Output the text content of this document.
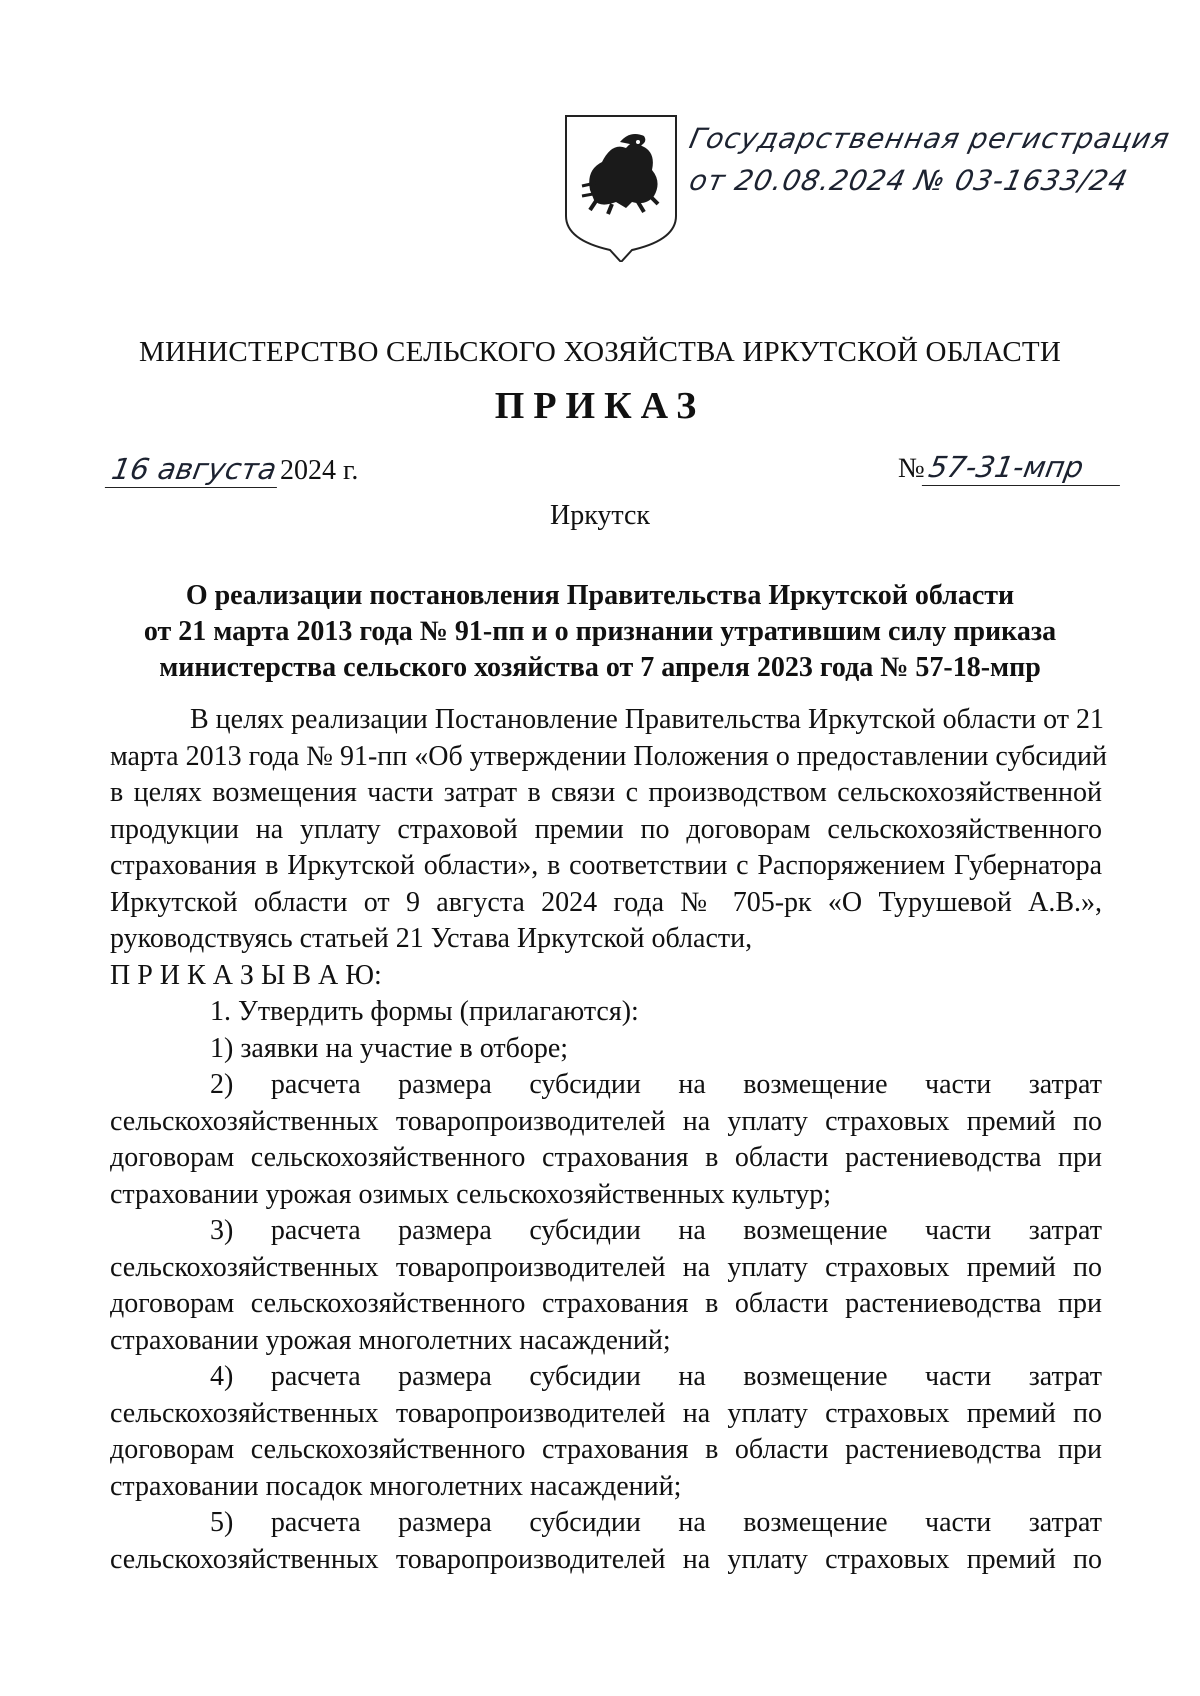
Государственная регистрация
от 20.08.2024 № 03-1633/24
МИНИСТЕРСТВО СЕЛЬСКОГО ХОЗЯЙСТВА ИРКУТСКОЙ ОБЛАСТИ
ПРИКАЗ
16 августа2024 г.	№57-31-мпр
Иркутск
О реализации постановления Правительства Иркутской области
от 21 марта 2013 года № 91-пп и о признании утратившим силу приказа
министерства сельского хозяйства от 7 апреля 2023 года № 57-18-мпр
В целях реализации Постановление Правительства Иркутской области от 21
марта 2013 года № 91-пп «Об утверждении Положения о предоставлении субсидий
в целях возмещения части затрат в связи с производством сельскохозяйственной
продукции на уплату страховой премии по договорам сельскохозяйственного
страхования в Иркутской области», в соответствии с Распоряжением Губернатора
Иркутской области от 9 августа 2024 года № 705-рк «О Турушевой А.В.»,
руководствуясь статьей 21 Устава Иркутской области,
П Р И К А З Ы В А Ю:
1. Утвердить формы (прилагаются):
1) заявки на участие в отборе;
2) расчета размера субсидии на возмещение части затрат
сельскохозяйственных товаропроизводителей на уплату страховых премий по
договорам сельскохозяйственного страхования в области растениеводства при
страховании урожая озимых сельскохозяйственных культур;
3) расчета размера субсидии на возмещение части затрат
сельскохозяйственных товаропроизводителей на уплату страховых премий по
договорам сельскохозяйственного страхования в области растениеводства при
страховании урожая многолетних насаждений;
4) расчета размера субсидии на возмещение части затрат
сельскохозяйственных товаропроизводителей на уплату страховых премий по
договорам сельскохозяйственного страхования в области растениеводства при
страховании посадок многолетних насаждений;
5) расчета размера субсидии на возмещение части затрат
сельскохозяйственных товаропроизводителей на уплату страховых премий по
